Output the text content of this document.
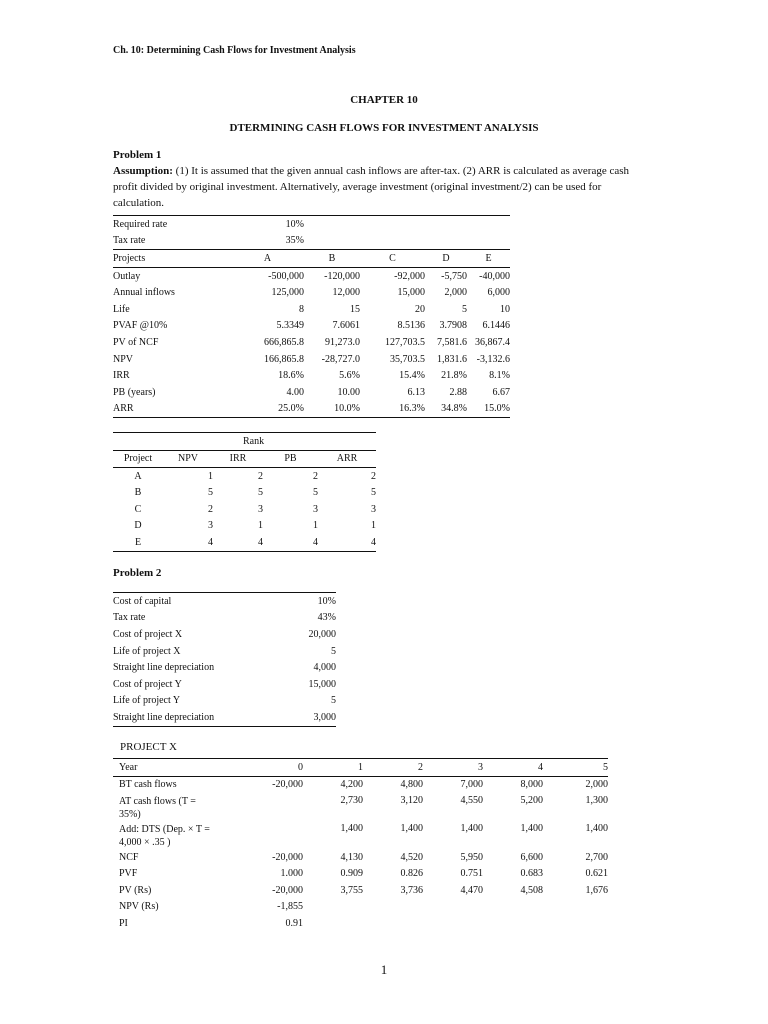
Ch. 10: Determining Cash Flows for Investment Analysis
CHAPTER 10
DTERMINING CASH FLOWS FOR INVESTMENT ANALYSIS
Problem 1
Assumption: (1) It is assumed that the given annual cash inflows are after-tax. (2) ARR is calculated as average cash profit divided by original investment. Alternatively, average investment (original investment/2) can be used for calculation.
Required rate	10%				
Tax rate	35%				
Projects	A	B	C	D	E
Outlay	-500,000	-120,000	-92,000	-5,750	-40,000
Annual inflows	125,000	12,000	15,000	2,000	6,000
Life	8	15	20	5	10
PVAF @10%	5.3349	7.6061	8.5136	3.7908	6.1446
PV of NCF	666,865.8	91,273.0	127,703.5	7,581.6	36,867.4
NPV	166,865.8	-28,727.0	35,703.5	1,831.6	-3,132.6
IRR	18.6%	5.6%	15.4%	21.8%	8.1%
PB (years)	4.00	10.00	6.13	2.88	6.67
ARR	25.0%	10.0%	16.3%	34.8%	15.0%
		Rank		
Project	NPV	IRR	PB	ARR
A	1	2	2	2
B	5	5	5	5
C	2	3	3	3
D	3	1	1	1
E	4	4	4	4
Problem 2
Cost of capital	10%
Tax rate	43%
Cost of project X	20,000
Life of project X	5
Straight line depreciation	4,000
Cost of project Y	15,000
Life of project Y	5
Straight line depreciation	3,000
PROJECT X
Year	0	1	2	3	4	5
BT cash flows	-20,000	4,200	4,800	7,000	8,000	2,000
AT cash flows (T = 35%)		2,730	3,120	4,550	5,200	1,300
Add: DTS (Dep. × T = 4,000 × .35 )		1,400	1,400	1,400	1,400	1,400
NCF	-20,000	4,130	4,520	5,950	6,600	2,700
PVF	1.000	0.909	0.826	0.751	0.683	0.621
PV (Rs)	-20,000	3,755	3,736	4,470	4,508	1,676
NPV (Rs)	-1,855					
PI	0.91					
1
